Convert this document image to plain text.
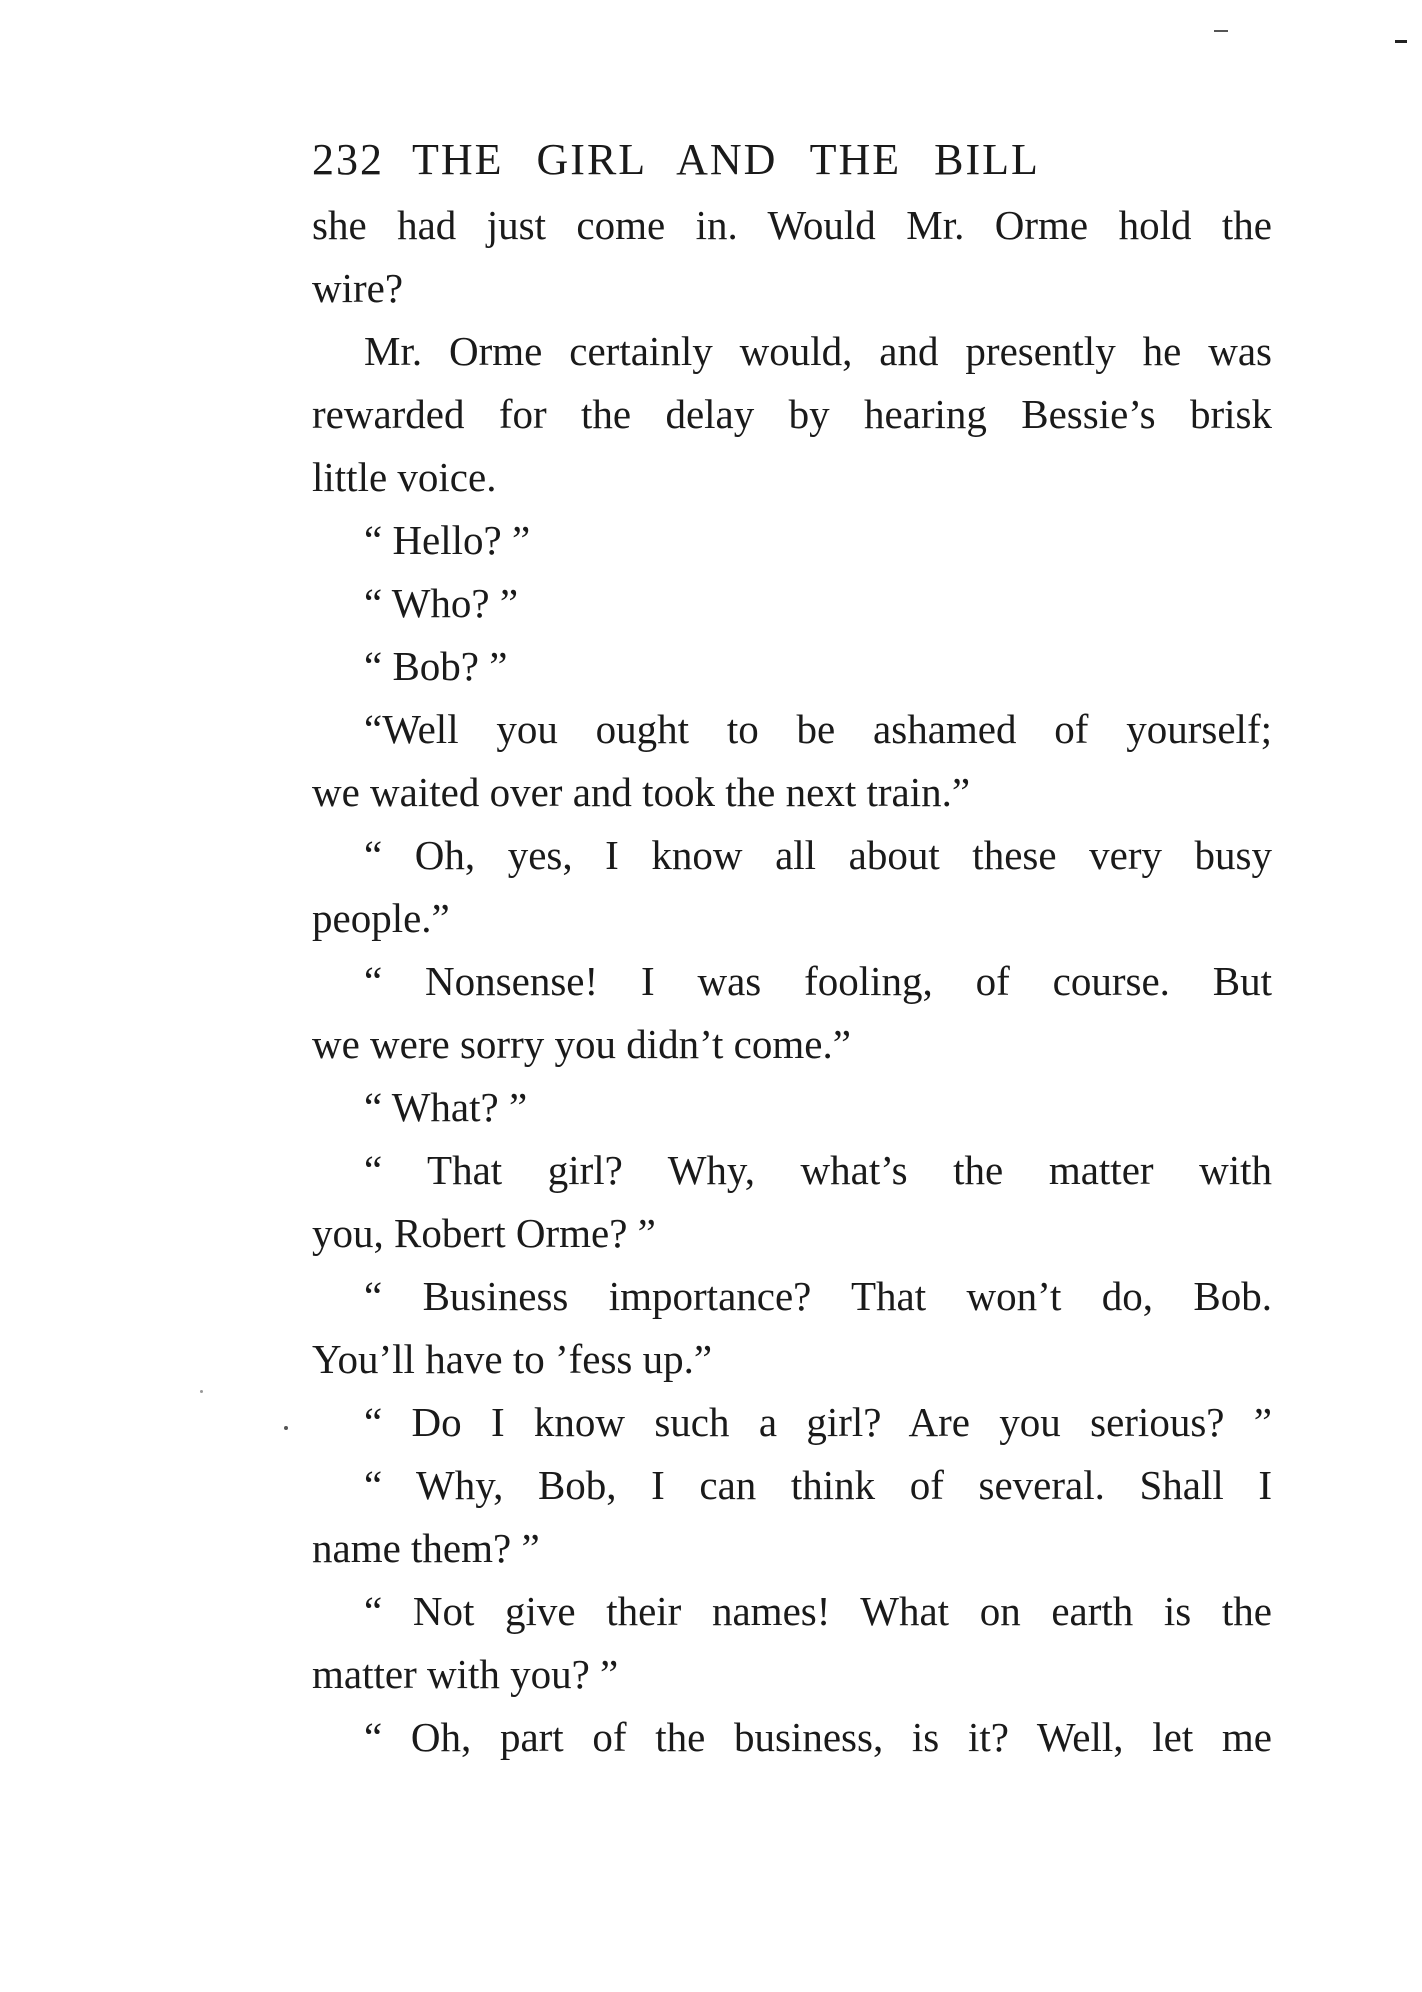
232 THE GIRL AND THE BILL
she had just come in. Would Mr. Orme hold the
wire?
Mr. Orme certainly would, and presently he was
rewarded for the delay by hearing Bessie’s brisk
little voice.
“ Hello? ”
“ Who? ”
“ Bob? ”
“Well you ought to be ashamed of yourself;
we waited over and took the next train.”
“ Oh, yes, I know all about these very busy
people.”
“ Nonsense! I was fooling, of course. But
we were sorry you didn’t come.”
“ What? ”
“ That girl? Why, what’s the matter with
you, Robert Orme? ”
“ Business importance? That won’t do, Bob.
You’ll have to ’fess up.”
“ Do I know such a girl? Are you serious? ”
“ Why, Bob, I can think of several. Shall I
name them? ”
“ Not give their names! What on earth is the
matter with you? ”
“ Oh, part of the business, is it? Well, let me
